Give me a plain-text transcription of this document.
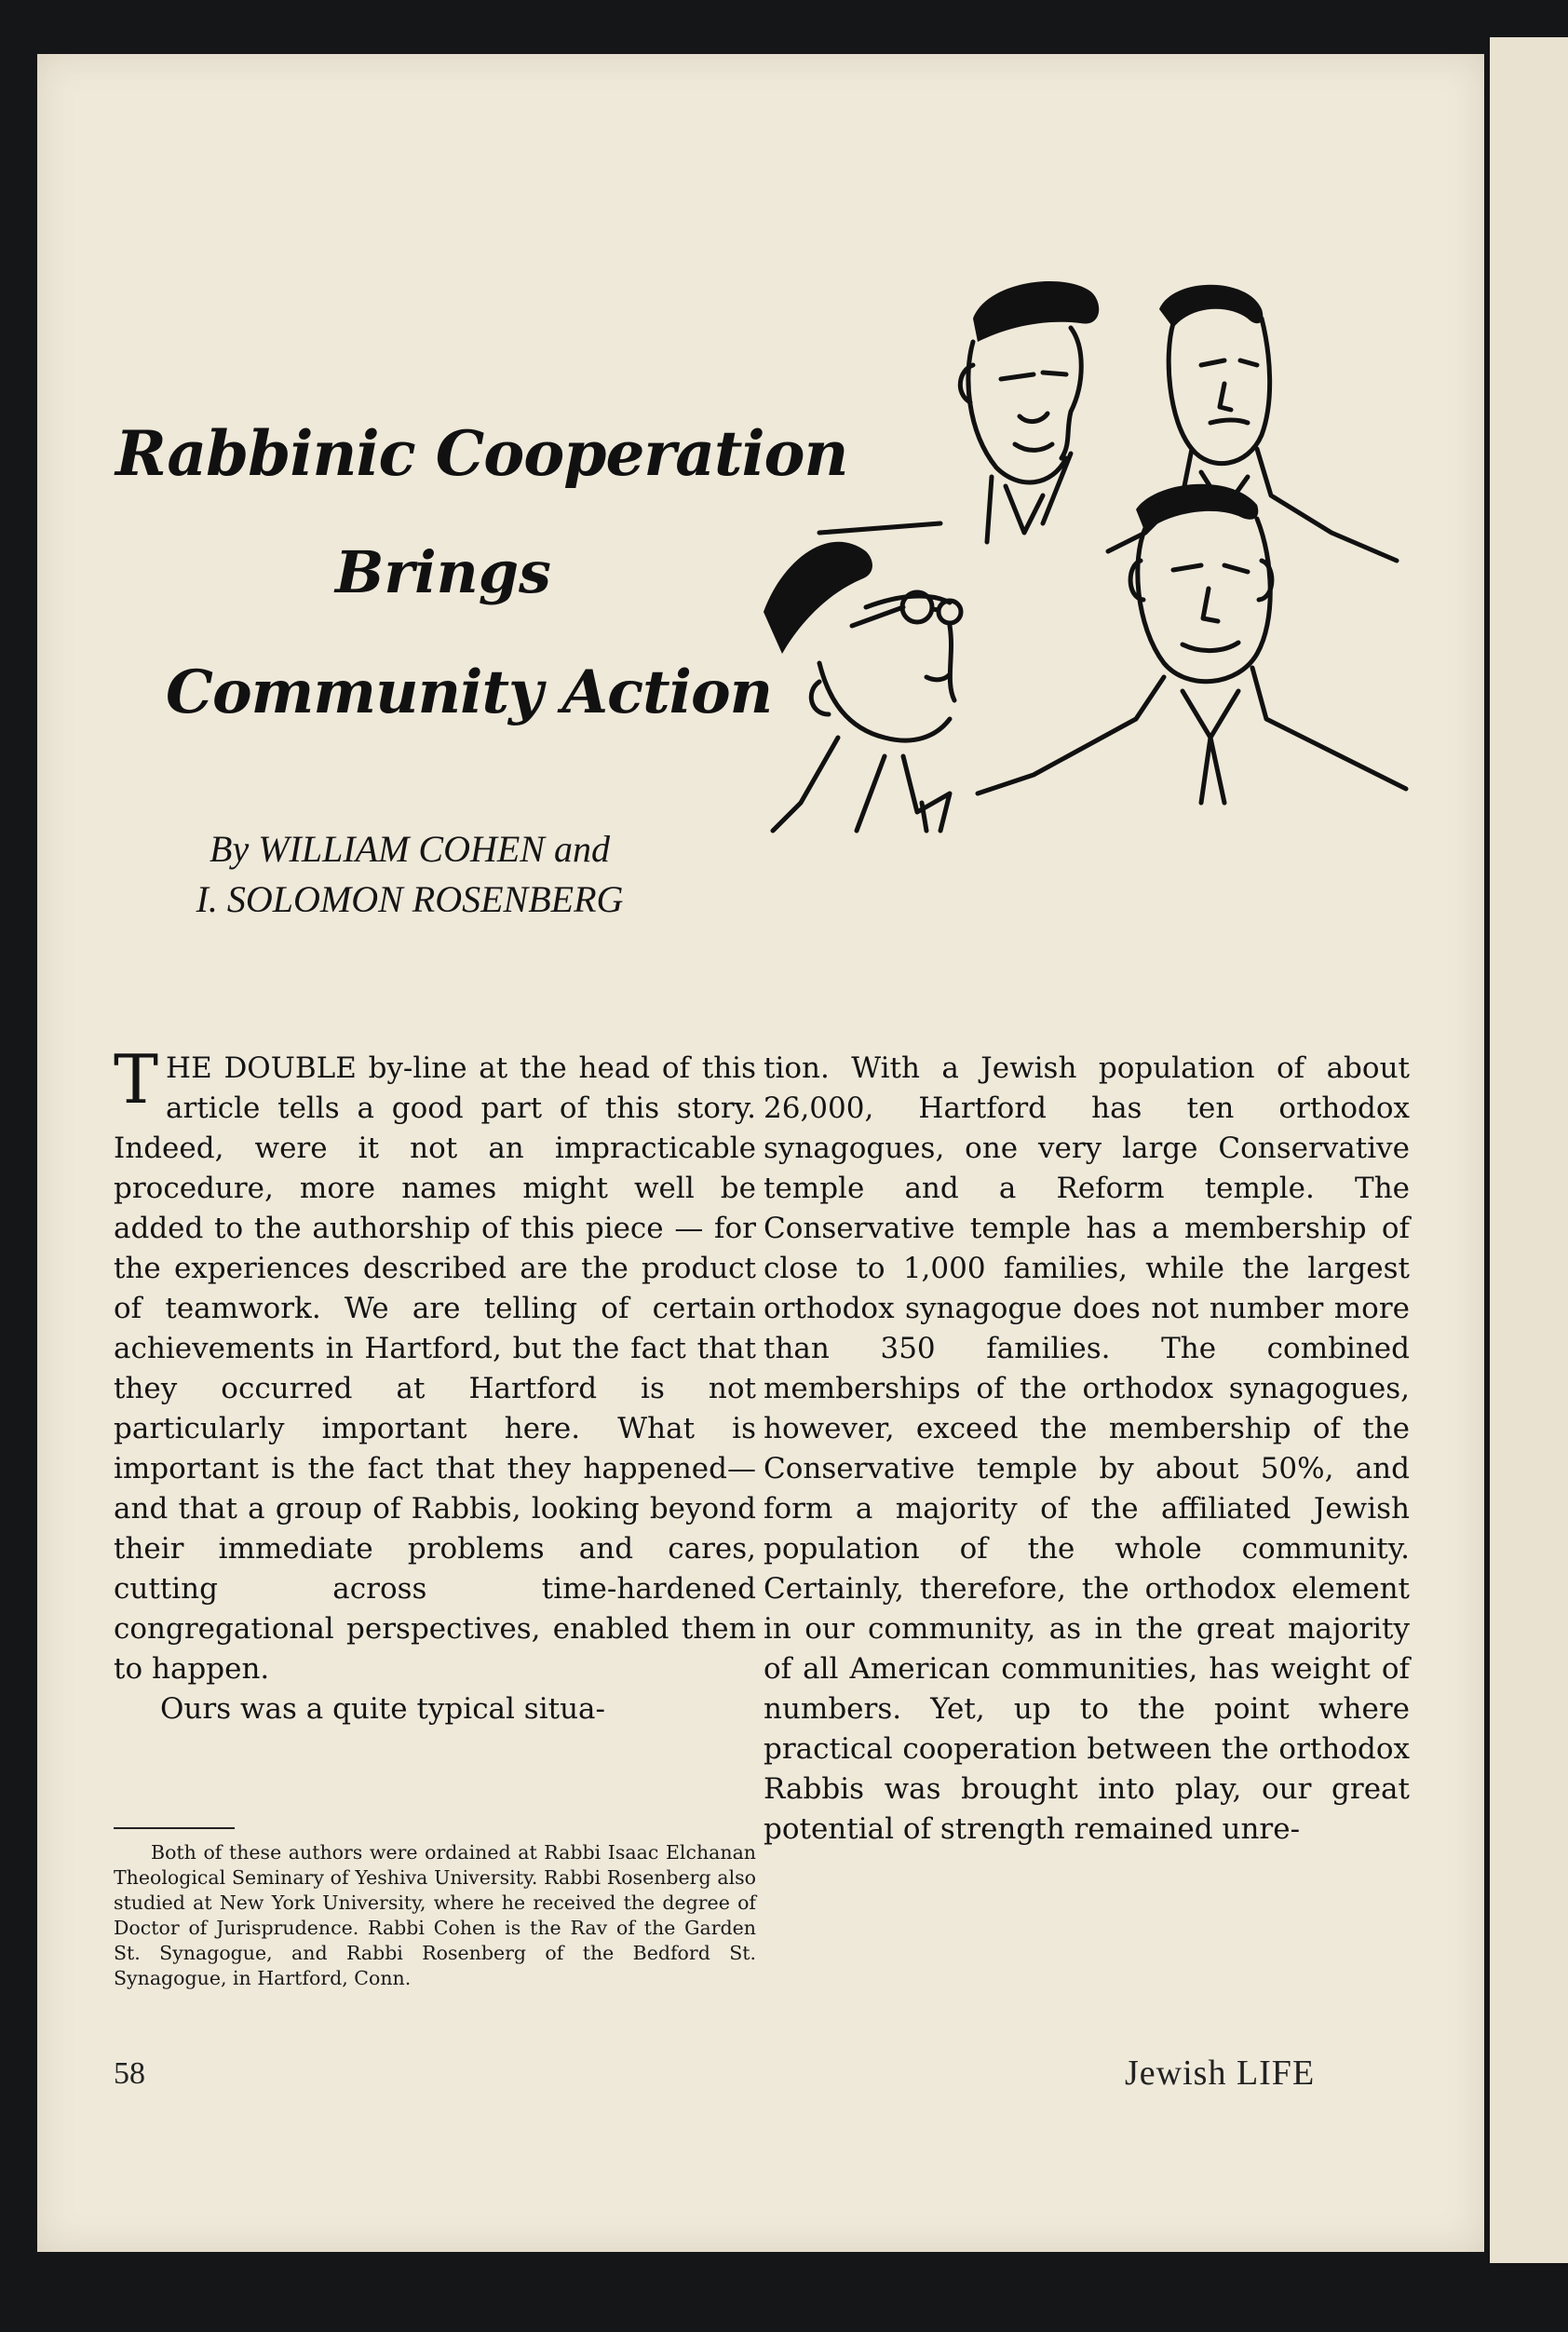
Rabbinic Cooperation
Brings
Community Action
By WILLIAM COHEN and
I. SOLOMON ROSENBERG

THE DOUBLE by-line at the head of this article tells a good part of this story. Indeed, were it not an impracticable procedure, more names might well be added to the authorship of this piece — for the experiences described are the product of teamwork. We are telling of certain achievements in Hartford, but the fact that they occurred at Hartford is not particularly important here. What is important is the fact that they happened—and that a group of Rabbis, looking beyond their immediate problems and cares, cutting across time-hardened congregational perspectives, enabled them to happen.

Ours was a quite typical situa-

tion. With a Jewish population of about 26,000, Hartford has ten orthodox synagogues, one very large Conservative temple and a Reform temple. The Conservative temple has a membership of close to 1,000 families, while the largest orthodox synagogue does not number more than 350 families. The combined memberships of the orthodox synagogues, however, exceed the membership of the Conservative temple by about 50%, and form a majority of the affiliated Jewish population of the whole community. Certainly, therefore, the orthodox element in our community, as in the great majority of all American communities, has weight of numbers. Yet, up to the point where practical cooperation between the orthodox Rabbis was brought into play, our great potential of strength remained unre-

Both of these authors were ordained at Rabbi Isaac Elchanan Theological Seminary of Yeshiva University. Rabbi Rosenberg also studied at New York University, where he received the degree of Doctor of Jurisprudence. Rabbi Cohen is the Rav of the Garden St. Synagogue, and Rabbi Rosenberg of the Bedford St. Synagogue, in Hartford, Conn.

58	Jewish LIFE
